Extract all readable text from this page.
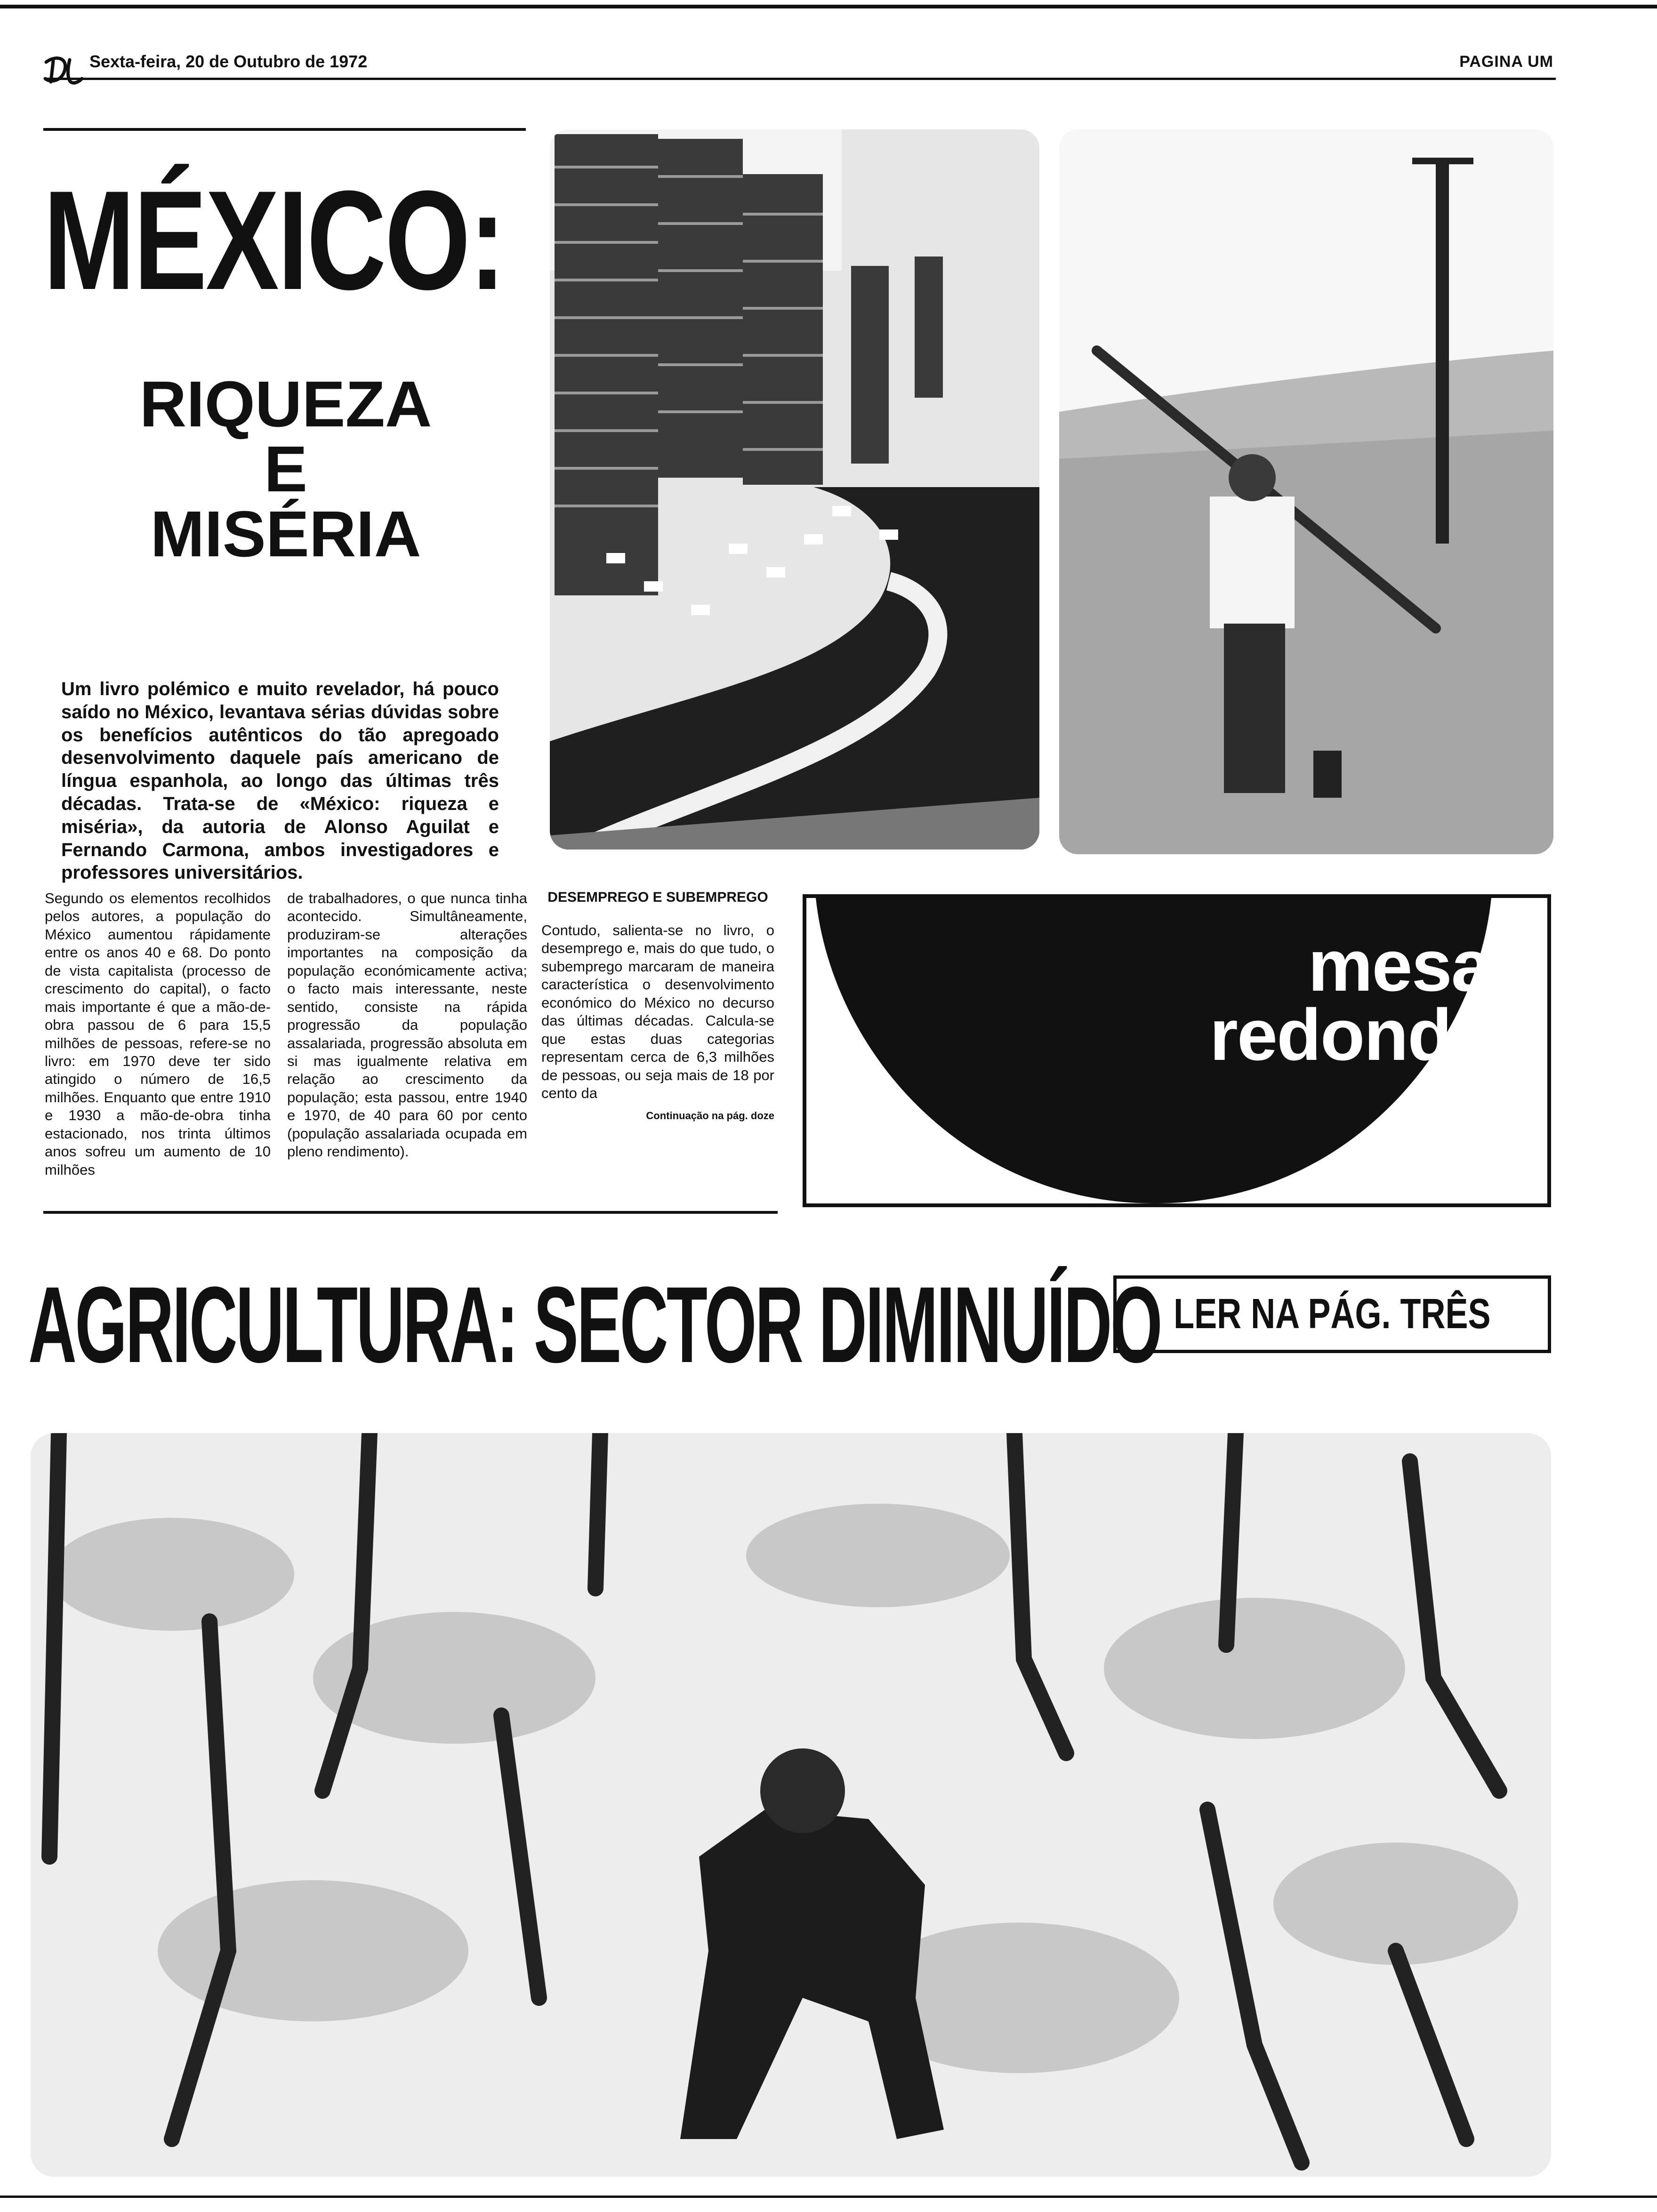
Sexta-feira, 20 de Outubro de 1972	PAGINA UM
MÉXICO:
RIQUEZA
E
MISÉRIA
Um livro polémico e muito revelador, há pouco saído no México, levantava sérias dúvidas sobre os benefícios autênticos do tão apregoado desenvolvimento daquele país americano de língua espanhola, ao longo das últimas três décadas. Trata-se de «México: riqueza e miséria», da autoria de Alonso Aguilat e Fernando Carmona, ambos investigadores e professores universitários.
Segundo os elementos recolhidos pelos autores, a população do México aumentou rápidamente entre os anos 40 e 68. Do ponto de vista capitalista (processo de crescimento do capital), o facto mais importante é que a mão-de-obra passou de 6 para 15,5 milhões de pessoas, refere-se no livro: em 1970 deve ter sido atingido o número de 16,5 milhões. Enquanto que entre 1910 e 1930 a mão-de-obra tinha estacionado, nos trinta últimos anos sofreu um aumento de 10 milhões
de trabalhadores, o que nunca tinha acontecido. Simultâneamente, produziram-se alterações importantes na composição da população económicamente activa; o facto mais interessante, neste sentido, consiste na rápida progressão da população assalariada, progressão absoluta em si mas igualmente relativa em relação ao crescimento da população; esta passou, entre 1940 e 1970, de 40 para 60 por cento (população assalariada ocupada em pleno rendimento).
DESEMPREGO E SUBEMPREGO
Contudo, salienta-se no livro, o desemprego e, mais do que tudo, o subemprego marcaram de maneira característica o desenvolvimento económico do México no decurso das últimas décadas. Calcula-se que estas duas categorias representam cerca de 6,3 milhões de pessoas, ou seja mais de 18 por cento da
Continuação na pág. doze
mesa
redonda
AGRICULTURA: SECTOR DIMINUÍDO LER NA PÁG. TRÊS
